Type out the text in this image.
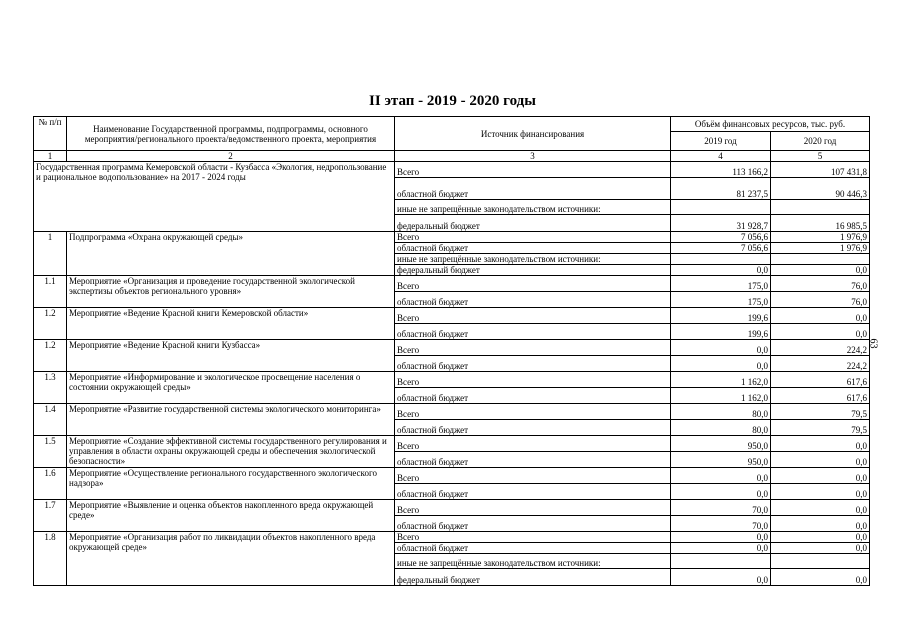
II этап - 2019 - 2020 годы
63
№ п/п	Наименование Государственной программы, подпрограммы, основного мероприятия/регионального проекта/ведомственного проекта, мероприятия	Источник финансирования	Объём финансовых ресурсов, тыс. руб.	
			2019 год	2020 год
1	2	3	4	5
Государственная программа Кемеровской области - Кузбасса «Экология, недропользование и рациональное водопользование» на 2017 - 2024 годы		Всего	113 166,2	107 431,8
		областной бюджет	81 237,5	90 446,3
		иные не запрещённые законодательством источники:		
		федеральный бюджет	31 928,7	16 985,5
1	Подпрограмма «Охрана окружающей среды»	Всего	7 056,6	1 976,9
		областной бюджет	7 056,6	1 976,9
		иные не запрещённые законодательством источники:		
		федеральный бюджет	0,0	0,0
1.1	Мероприятие «Организация и проведение государственной экологической экспертизы объектов регионального уровня»	Всего	175,0	76,0
		областной бюджет	175,0	76,0
1.2	Мероприятие «Ведение Красной книги Кемеровской области»	Всего	199,6	0,0
		областной бюджет	199,6	0,0
1.2	Мероприятие «Ведение Красной книги Кузбасса»	Всего	0,0	224,2
		областной бюджет	0,0	224,2
1.3	Мероприятие «Информирование и экологическое просвещение населения о состоянии окружающей среды»	Всего	1 162,0	617,6
		областной бюджет	1 162,0	617,6
1.4	Мероприятие «Развитие государственной системы экологического мониторинга»	Всего	80,0	79,5
		областной бюджет	80,0	79,5
1.5	Мероприятие «Создание эффективной системы государственного регулирования и управления в области охраны окружающей среды и обеспечения экологической безопасности»	Всего	950,0	0,0
		областной бюджет	950,0	0,0
1.6	Мероприятие «Осуществление регионального государственного экологического надзора»	Всего	0,0	0,0
		областной бюджет	0,0	0,0
1.7	Мероприятие «Выявление и оценка объектов накопленного вреда окружающей среде»	Всего	70,0	0,0
		областной бюджет	70,0	0,0
1.8	Мероприятие «Организация работ по ликвидации объектов накопленного вреда окружающей среде»	Всего	0,0	0,0
		областной бюджет	0,0	0,0
		иные не запрещённые законодательством источники:		
		федеральный бюджет	0,0	0,0
